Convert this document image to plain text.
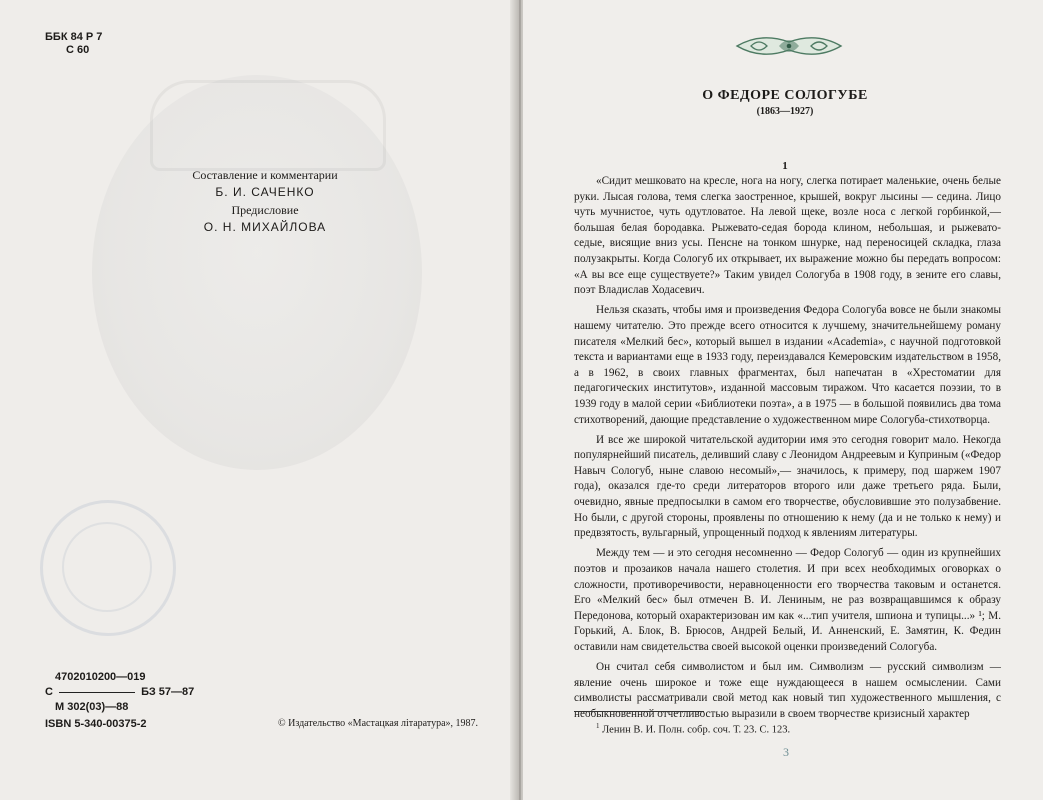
ББК 84 Р 7
С 60
Составление и комментарии
Б. И. САЧЕНКО
Предисловие
О. Н. МИХАЙЛОВА
4702010200—019
С	БЗ 57—87
М 302(03)—88
ISBN 5-340-00375-2	© Издательство «Мастацкая лiтаратура», 1987.
О ФЕДОРЕ СОЛОГУБЕ
(1863—1927)
1

«Сидит мешковато на кресле, нога на ногу, слегка потирает маленькие, очень белые руки. Лысая голова, темя слегка заостренное, крышей, вокруг лысины — седина. Лицо чуть мучнистое, чуть одутловатое. На левой щеке, возле носа с легкой горбинкой,—большая белая бородавка. Рыжевато-седая борода клином, небольшая, и рыжевато-седые, висящие вниз усы. Пенсне на тонком шнурке, над переносицей складка, глаза полузакрыты. Когда Сологуб их открывает, их выражение можно бы передать вопросом: «А вы все еще существуете?» Таким увидел Сологуба в 1908 году, в зените его славы, поэт Владислав Ходасевич.

Нельзя сказать, чтобы имя и произведения Федора Сологуба вовсе не были знакомы нашему читателю. Это прежде всего относится к лучшему, значительнейшему роману писателя «Мелкий бес», который вышел в издании «Academia», с научной подготовкой текста и вариантами еще в 1933 году, переиздавался Кемеровским издательством в 1958, а в 1962, в своих главных фрагментах, был напечатан в «Хрестоматии для педагогических институтов», изданной массовым тиражом. Что касается поэзии, то в 1939 году в малой серии «Библиотеки поэта», а в 1975 — в большой появились два тома стихотворений, дающие представление о художественном мире Сологуба-стихотворца.

И все же широкой читательской аудитории имя это сегодня говорит мало. Некогда популярнейший писатель, деливший славу с Леонидом Андреевым и Куприным («Федор Навыч Сологуб, ныне славою несомый»,— значилось, к примеру, под шаржем 1907 года), оказался где-то среди литераторов второго или даже третьего ряда. Были, очевидно, явные предпосылки в самом его творчестве, обусловившие это полузабвение. Но были, с другой стороны, проявлены по отношению к нему (да и не только к нему) и предвзятость, вульгарный, упрощенный подход к явлениям литературы.

Между тем — и это сегодня несомненно — Федор Сологуб — один из крупнейших поэтов и прозаиков начала нашего столетия. И при всех необходимых оговорках о сложности, противоречивости, неравноценности его творчества таковым и останется. Его «Мелкий бес» был отмечен В. И. Лениным, не раз возвращавшимся к образу Передонова, который охарактеризован им как «...тип учителя, шпиона и тупицы...» ¹; М. Горький, А. Блок, В. Брюсов, Андрей Белый, И. Анненский, Е. Замятин, К. Федин оставили нам свидетельства своей высокой оценки произведений Сологуба.

Он считал себя символистом и был им. Символизм — русский символизм — явление очень широкое и тоже еще нуждающееся в нашем осмыслении. Сами символисты рассматривали свой метод как новый тип художественного мышления, с необыкновенной отчетливостью выразили в своем творчестве кризисный характер

$^1$ Ленин В. И. Полн. собр. соч. Т. 23. С. 123.
3
